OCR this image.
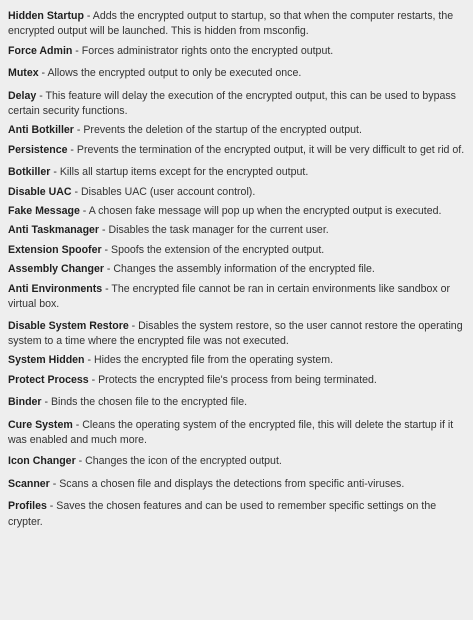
Hidden Startup - Adds the encrypted output to startup, so that when the computer restarts, the encrypted output will be launched. This is hidden from msconfig.

Force Admin - Forces administrator rights onto the encrypted output.

Mutex - Allows the encrypted output to only be executed once.

Delay - This feature will delay the execution of the encrypted output, this can be used to bypass certain security functions.

Anti Botkiller - Prevents the deletion of the startup of the encrypted output.

Persistence - Prevents the termination of the encrypted output, it will be very difficult to get rid of.

Botkiller - Kills all startup items except for the encrypted output.

Disable UAC - Disables UAC (user account control).

Fake Message - A chosen fake message will pop up when the encrypted output is executed.

Anti Taskmanager - Disables the task manager for the current user.

Extension Spoofer - Spoofs the extension of the encrypted output.

Assembly Changer - Changes the assembly information of the encrypted file.

Anti Environments - The encrypted file cannot be ran in certain environments like sandbox or virtual box.

Disable System Restore - Disables the system restore, so the user cannot restore the operating system to a time where the encrypted file was not executed.

System Hidden - Hides the encrypted file from the operating system.

Protect Process - Protects the encrypted file's process from being terminated.

Binder - Binds the chosen file to the encrypted file.

Cure System - Cleans the operating system of the encrypted file, this will delete the startup if it was enabled and much more.

Icon Changer - Changes the icon of the encrypted output.

Scanner - Scans a chosen file and displays the detections from specific anti-viruses.

Profiles - Saves the chosen features and can be used to remember specific settings on the crypter.
